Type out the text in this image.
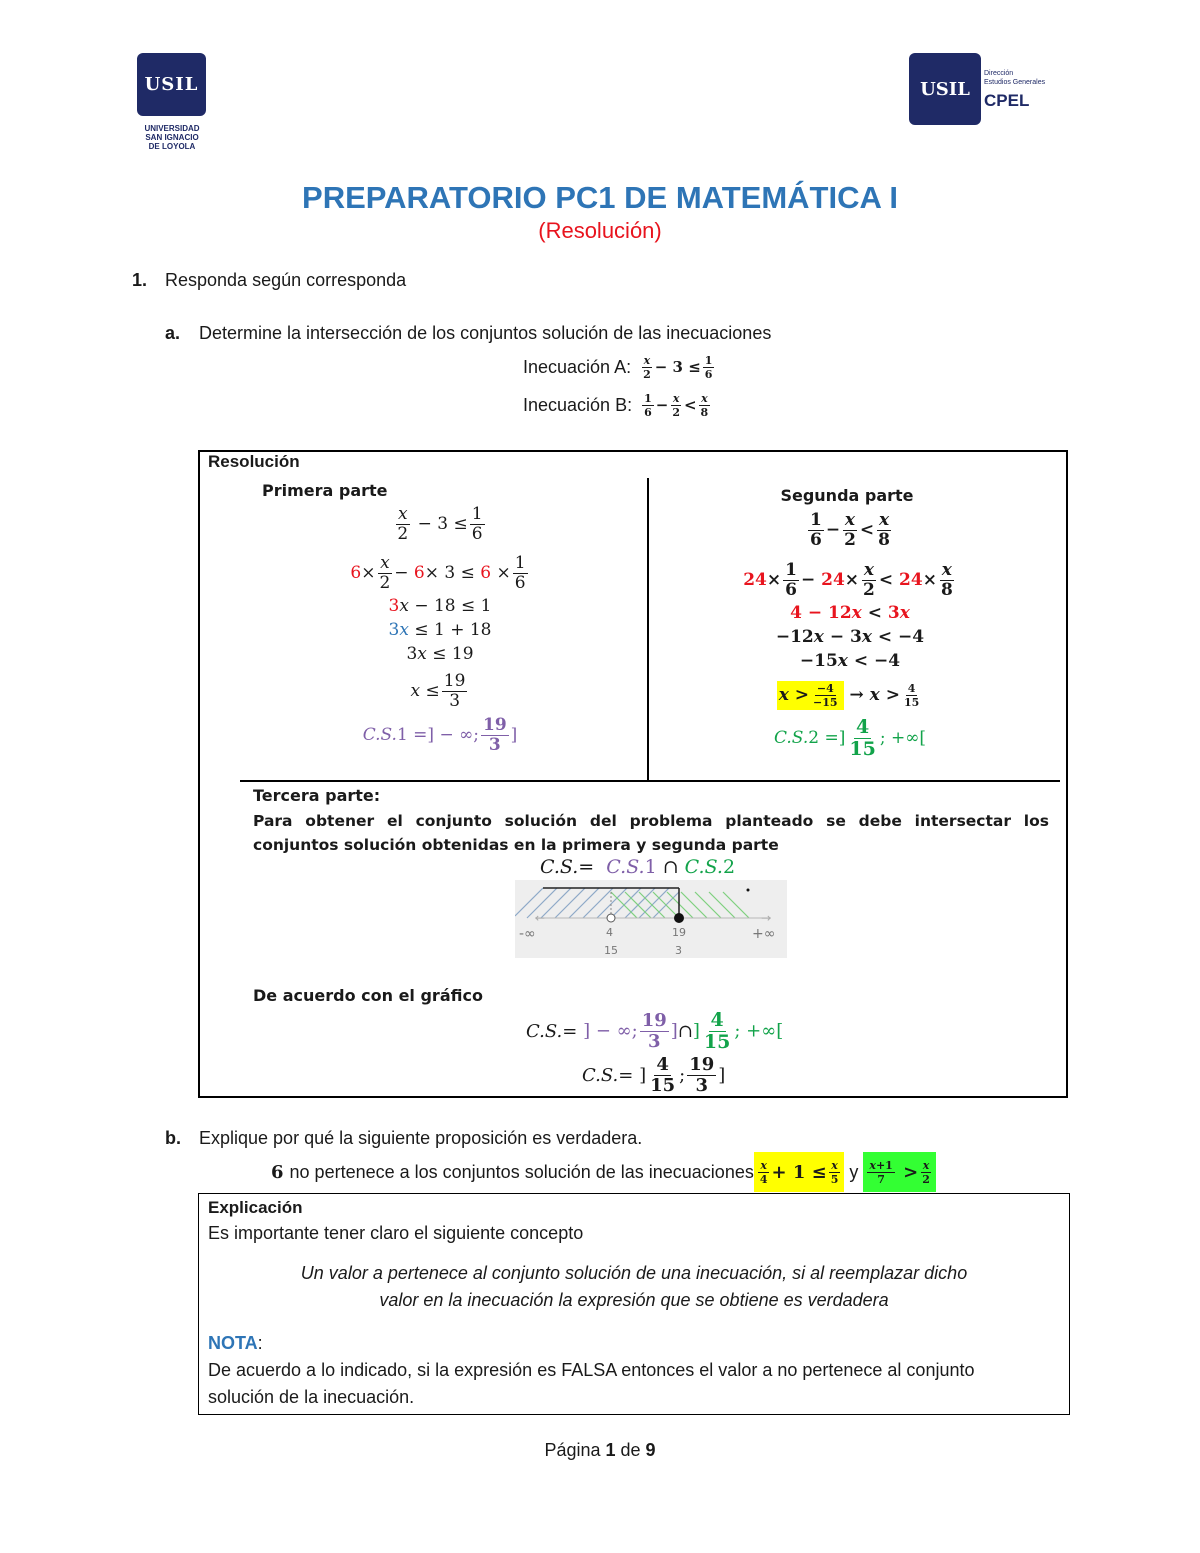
USIL
UNIVERSIDAD
SAN IGNACIO
DE LOYOLA
USIL
Dirección
Estudios Generales
CPEL
PREPARATORIO PC1 DE MATEMÁTICA I
(Resolución)
1. Responda según corresponda
a. Determine la intersección de los conjuntos solución de las inecuaciones
Inecuación A: $\frac{x}{2} - 3 \le \frac{1}{6}$
Inecuación B: $\frac{1}{6} - \frac{x}{2} < \frac{x}{8}$
Resolución
Primera parte
$\frac{x}{2} - 3 \le \frac{1}{6}$
$6 \times \frac{x}{2} - 6 \times 3 \le 6 \times \frac{1}{6}$
3x − 18 ≤ 1
3x ≤ 1 + 18
3x ≤ 19
$x \le \frac{19}{3}$
C.S. 1 =] − ∞; $\frac{19}{3}$ ]
Segunda parte
$\frac{1}{6} - \frac{x}{2} < \frac{x}{8}$
$24 \times \frac{1}{6} - 24 \times \frac{x}{2} < 24 \times \frac{x}{8}$
4 − 12x < 3x
−12x − 3x < −4
−15x < −4
$x > \frac{-4}{-15} \to x > \frac{4}{15}$
C.S. 2 =] $\frac{4}{15}$ ; +∞[
Tercera parte:
Para obtener el conjunto solución del problema planteado se debe intersectar los conjuntos solución obtenidas en la primera y segunda parte
C.S.=  C.S.1 ∩ C.S.2
←	→
-∞	+∞
4
15
19
3
De acuerdo con el gráfico
C.S. = ] − ∞; $\frac{19}{3}$ ] ∩ ] $\frac{4}{15}$ ; +∞[
C.S. = ] $\frac{4}{15}$ ; $\frac{19}{3}$ ]
b. Explique por qué la siguiente proposición es verdadera.
6 no pertenece a los conjuntos solución de las inecuaciones $\frac{x}{4} + 1 \le \frac{x}{5}$ y $\frac{x+1}{7} > \frac{x}{2}$
Explicación
Es importante tener claro el siguiente concepto
Un valor a pertenece al conjunto solución de una inecuación, si al reemplazar dicho
valor en la inecuación la expresión que se obtiene es verdadera
NOTA:
De acuerdo a lo indicado, si la expresión es FALSA entonces el valor a no pertenece al conjunto
solución de la inecuación.
Página 1 de 9
